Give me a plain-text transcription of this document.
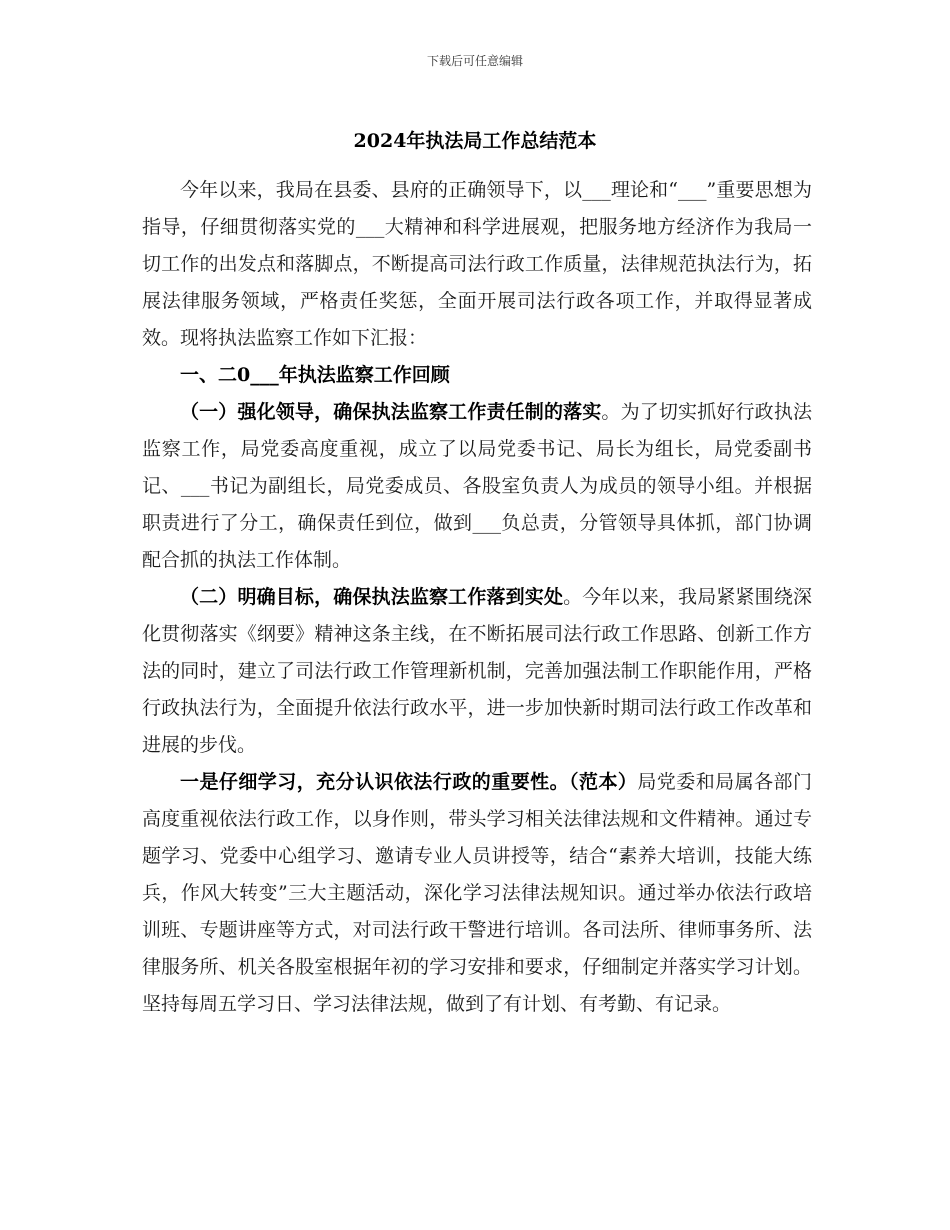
下载后可任意编辑
2024年执法局工作总结范本

今年以来，我局在县委、县府的正确领导下，以___理论和“___”重要思想为指导，仔细贯彻落实党的___大精神和科学进展观，把服务地方经济作为我局一切工作的出发点和落脚点，不断提高司法行政工作质量，法律规范执法行为，拓展法律服务领域，严格责任奖惩，全面开展司法行政各项工作，并取得显著成效。现将执法监察工作如下汇报：

一、二0___年执法监察工作回顾

（一）强化领导，确保执法监察工作责任制的落实。为了切实抓好行政执法监察工作，局党委高度重视，成立了以局党委书记、局长为组长，局党委副书记、___书记为副组长，局党委成员、各股室负责人为成员的领导小组。并根据职责进行了分工，确保责任到位，做到___负总责，分管领导具体抓，部门协调配合抓的执法工作体制。

（二）明确目标，确保执法监察工作落到实处。今年以来，我局紧紧围绕深化贯彻落实《纲要》精神这条主线，在不断拓展司法行政工作思路、创新工作方法的同时，建立了司法行政工作管理新机制，完善加强法制工作职能作用，严格行政执法行为，全面提升依法行政水平，进一步加快新时期司法行政工作改革和进展的步伐。

一是仔细学习，充分认识依法行政的重要性。（范本）局党委和局属各部门高度重视依法行政工作，以身作则，带头学习相关法律法规和文件精神。通过专题学习、党委中心组学习、邀请专业人员讲授等，结合“素养大培训，技能大练兵，作风大转变”三大主题活动，深化学习法律法规知识。通过举办依法行政培训班、专题讲座等方式，对司法行政干警进行培训。各司法所、律师事务所、法律服务所、机关各股室根据年初的学习安排和要求，仔细制定并落实学习计划。坚持每周五学习日、学习法律法规，做到了有计划、有考勤、有记录。
